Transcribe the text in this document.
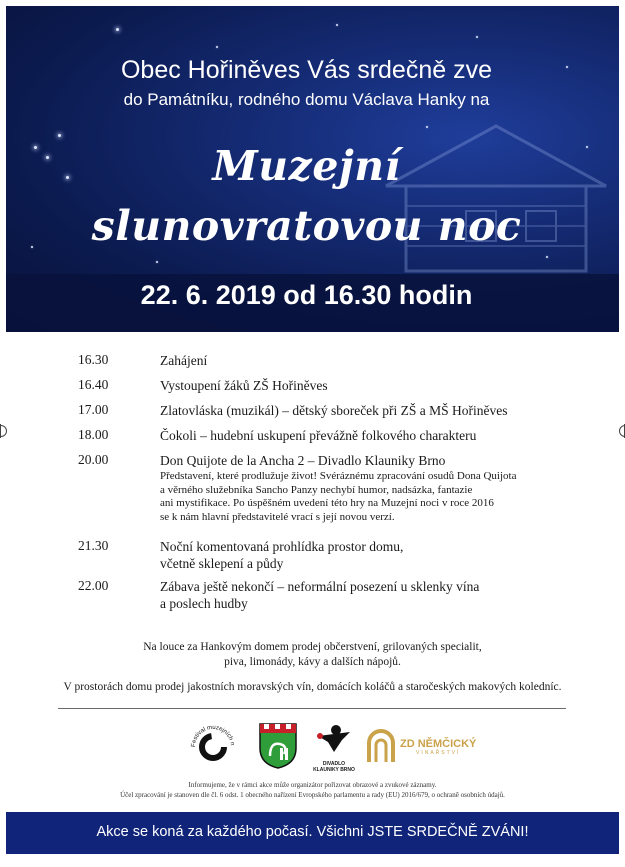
Obec Hořiněves Vás srdečně zve
do Památníku, rodného domu Václava Hanky na
Muzejní
slunovratovou noc
22. 6. 2019 od 16.30 hodin
16.30	Zahájení
16.40	Vystoupení žáků ZŠ Hořiněves
17.00	Zlatovláska (muzikál) – dětský sboreček při ZŠ a MŠ Hořiněves
18.00	Čokoli – hudební uskupení převážně folkového charakteru
20.00	Don Quijote de la Ancha 2 – Divadlo Klauniky Brno
Představení, které prodlužuje život! Svéráznému zpracování osudů Dona Quijota
a věrného služebníka Sancho Panzy nechybí humor, nadsázka, fantazie
ani mystifikace. Po úspěšném uvedení této hry na Muzejní noci v roce 2016
se k nám hlavní představitelé vrací s její novou verzí.
21.30	Noční komentovaná prohlídka prostor domu,
včetně sklepení a půdy
22.00	Zábava ještě nekončí – neformální posezení u sklenky vína
a poslech hudby
Na louce za Hankovým domem prodej občerstvení, grilovaných specialit,
piva, limonády, kávy a dalších nápojů.
V prostorách domu prodej jakostních moravských vín, domácích koláčů a staročeských makových koledníc.
Festival muzejních n
DIVADLO KLAUNIKY BRNO
ZD NĚMČICKÝ
VINAŘSTVÍ
Informujeme, že v rámci akce může organizátor pořizovat obrazové a zvukové záznamy.
Účel zpracování je stanoven dle čl. 6 odst. 1 obecného nařízení Evropského parlamentu a rady (EU) 2016/679, o ochraně osobních údajů.
Akce se koná za každého počasí. Všichni JSTE SRDEČNĚ ZVÁNI!
